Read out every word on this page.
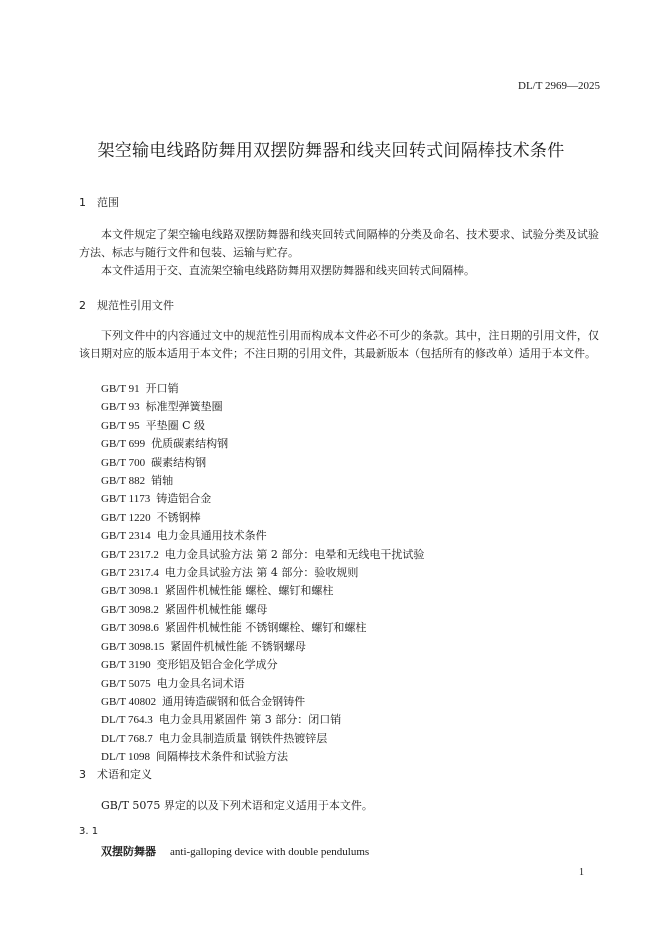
DL/T 2969—2025
架空输电线路防舞用双摆防舞器和线夹回转式间隔棒技术条件
1 范围
本文件规定了架空输电线路双摆防舞器和线夹回转式间隔棒的分类及命名、技术要求、试验分类及试验方法、标志与随行文件和包装、运输与贮存。
本文件适用于交、直流架空输电线路防舞用双摆防舞器和线夹回转式间隔棒。
2 规范性引用文件
下列文件中的内容通过文中的规范性引用而构成本文件必不可少的条款。其中，注日期的引用文件，仅该日期对应的版本适用于本文件；不注日期的引用文件，其最新版本（包括所有的修改单）适用于本文件。
GB/T 91 开口销
GB/T 93 标准型弹簧垫圈
GB/T 95 平垫圈 C 级
GB/T 699 优质碳素结构钢
GB/T 700 碳素结构钢
GB/T 882 销轴
GB/T 1173 铸造铝合金
GB/T 1220 不锈钢棒
GB/T 2314 电力金具通用技术条件
GB/T 2317.2 电力金具试验方法 第 2 部分：电晕和无线电干扰试验
GB/T 2317.4 电力金具试验方法 第 4 部分：验收规则
GB/T 3098.1 紧固件机械性能 螺栓、螺钉和螺柱
GB/T 3098.2 紧固件机械性能 螺母
GB/T 3098.6 紧固件机械性能 不锈钢螺栓、螺钉和螺柱
GB/T 3098.15 紧固件机械性能 不锈钢螺母
GB/T 3190 变形铝及铝合金化学成分
GB/T 5075 电力金具名词术语
GB/T 40802 通用铸造碳钢和低合金钢铸件
DL/T 764.3 电力金具用紧固件 第 3 部分：闭口销
DL/T 768.7 电力金具制造质量 钢铁件热镀锌层
DL/T 1098 间隔棒技术条件和试验方法
3 术语和定义
GB/T 5075 界定的以及下列术语和定义适用于本文件。
3. 1
双摆防舞器 anti-galloping device with double pendulums
1
